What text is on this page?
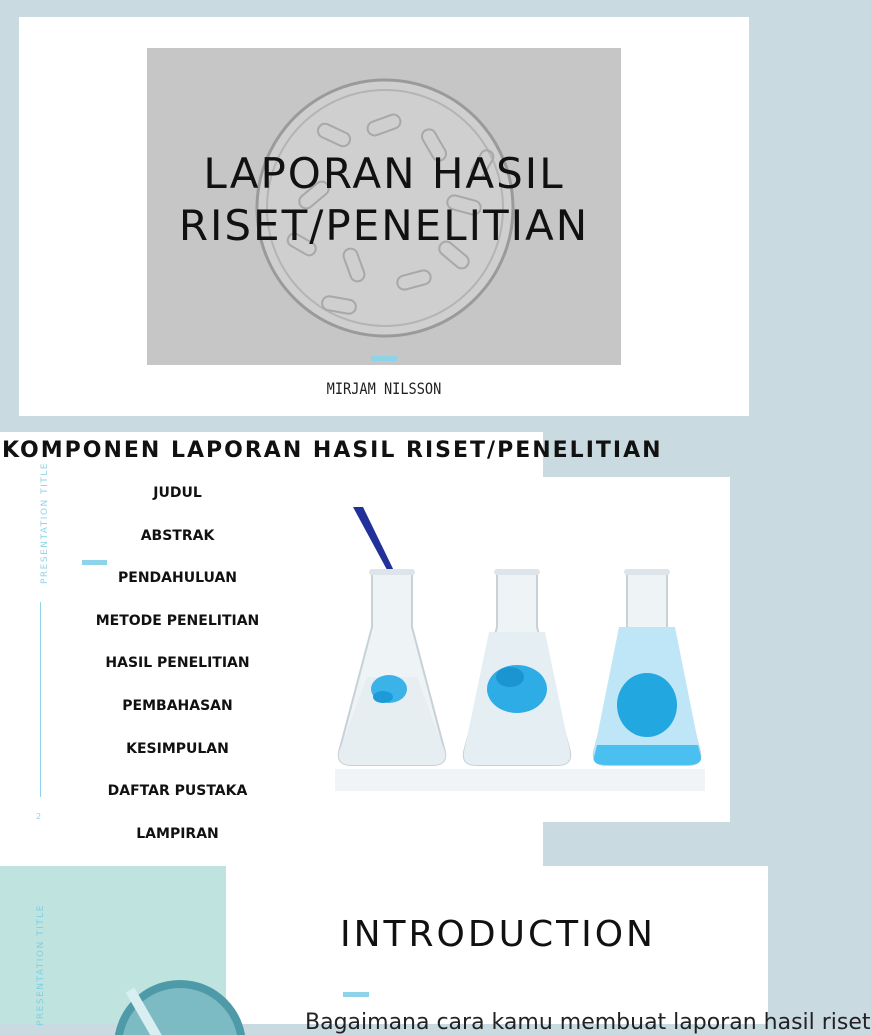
LAPORAN HASIL
RISET/PENELITIAN
MIRJAM NILSSON
KOMPONEN LAPORAN HASIL RISET/PENELITIAN
PRESENTATION TITLE
2
JUDUL
ABSTRAK
PENDAHULUAN
METODE PENELITIAN
HASIL PENELITIAN
PEMBAHASAN
KESIMPULAN
DAFTAR PUSTAKA
LAMPIRAN
PRESENTATION TITLE	INTRODUCTION
Bagaimana cara kamu membuat laporan hasil riset
